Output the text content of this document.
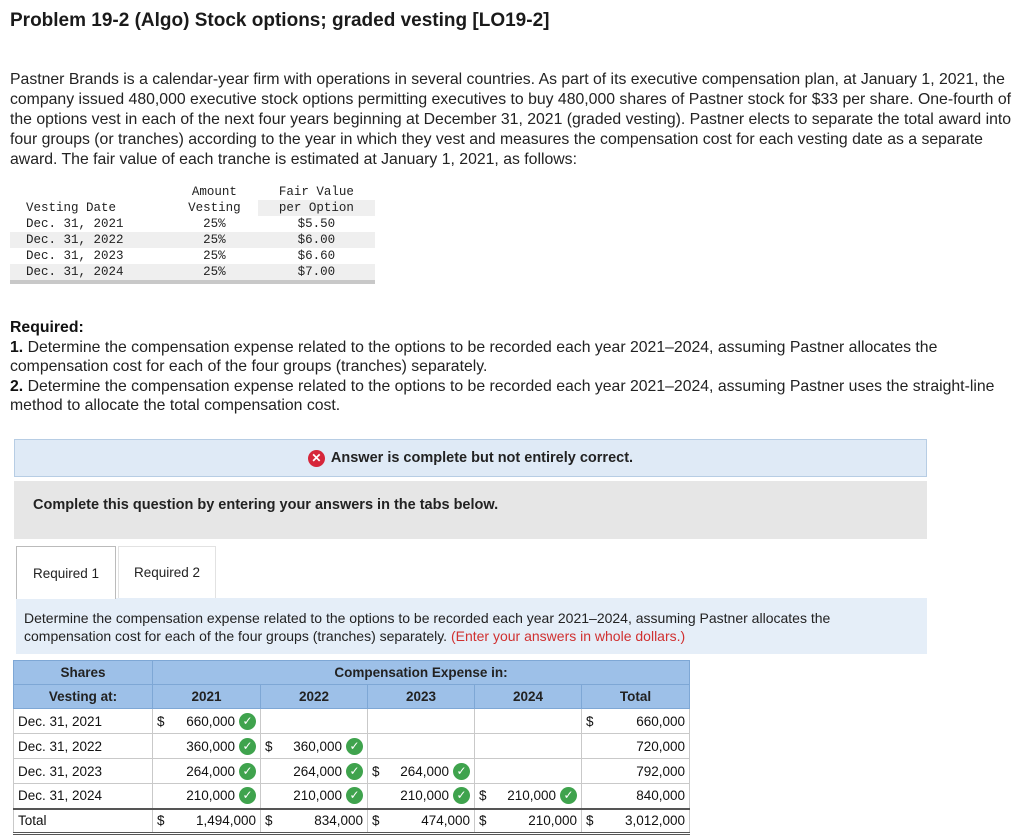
Problem 19-2 (Algo) Stock options; graded vesting [LO19-2]

Pastner Brands is a calendar-year firm with operations in several countries. As part of its executive compensation plan, at January 1, 2021, the company issued 480,000 executive stock options permitting executives to buy 480,000 shares of Pastner stock for $33 per share. One-fourth of the options vest in each of the next four years beginning at December 31, 2021 (graded vesting). Pastner elects to separate the total award into four groups (or tranches) according to the year in which they vest and measures the compensation cost for each vesting date as a separate award. The fair value of each tranche is estimated at January 1, 2021, as follows:

	Amount	Fair Value
Vesting Date	Vesting	per Option
Dec. 31, 2021	25%	$5.50
Dec. 31, 2022	25%	$6.00
Dec. 31, 2023	25%	$6.60
Dec. 31, 2024	25%	$7.00
Required:
1. Determine the compensation expense related to the options to be recorded each year 2021–2024, assuming Pastner allocates the compensation cost for each of the four groups (tranches) separately.
2. Determine the compensation expense related to the options to be recorded each year 2021–2024, assuming Pastner uses the straight-line method to allocate the total compensation cost.
✕ Answer is complete but not entirely correct.
Complete this question by entering your answers in the tabs below.
Required 1	Required 2
Determine the compensation expense related to the options to be recorded each year 2021–2024, assuming Pastner allocates the compensation cost for each of the four groups (tranches) separately. (Enter your answers in whole dollars.)
Shares	Compensation Expense in:				
Vesting at:	2021	2022	2023	2024	Total
Dec. 31, 2021	$ 660,000 ✓				$ 660,000

Dec. 31, 2022	360,000 ✓	$ 360,000 ✓			720,000

Dec. 31, 2023	264,000 ✓	264,000 ✓	$ 264,000 ✓		792,000

Dec. 31, 2024	210,000 ✓	210,000 ✓	210,000 ✓	$ 210,000 ✓	840,000

Total	$ 1,494,000	$ 834,000	$ 474,000	$ 210,000	$ 3,012,000
